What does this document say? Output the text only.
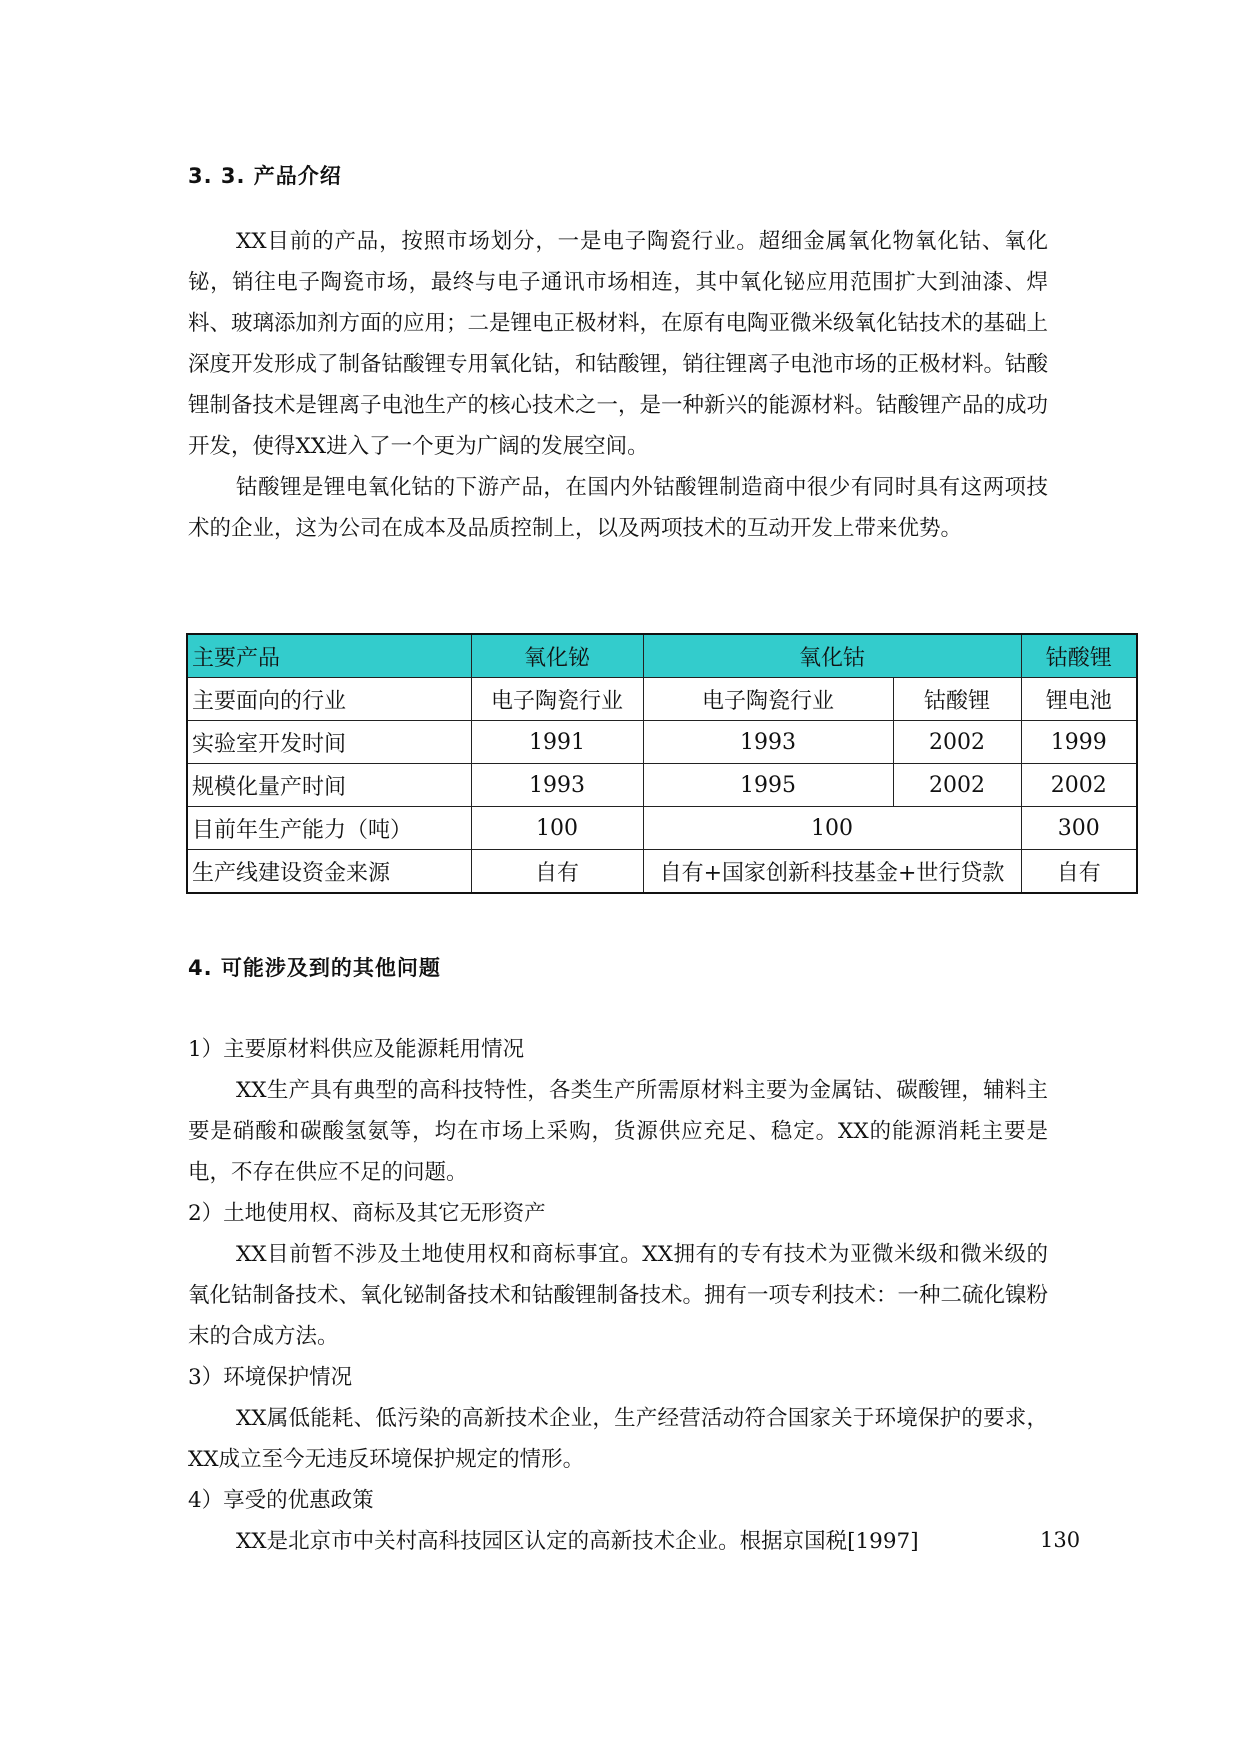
3. 3. 产品介绍

XX目前的产品，按照市场划分，一是电子陶瓷行业。超细金属氧化物氧化钴、氧化铋，销往电子陶瓷市场，最终与电子通讯市场相连，其中氧化铋应用范围扩大到油漆、焊料、玻璃添加剂方面的应用；二是锂电正极材料，在原有电陶亚微米级氧化钴技术的基础上深度开发形成了制备钴酸锂专用氧化钴，和钴酸锂，销往锂离子电池市场的正极材料。钴酸锂制备技术是锂离子电池生产的核心技术之一，是一种新兴的能源材料。钴酸锂产品的成功开发，使得XX进入了一个更为广阔的发展空间。

钴酸锂是锂电氧化钴的下游产品，在国内外钴酸锂制造商中很少有同时具有这两项技术的企业，这为公司在成本及品质控制上，以及两项技术的互动开发上带来优势。

主要产品	氧化铋	氧化钴		钴酸锂
主要面向的行业	电子陶瓷行业	电子陶瓷行业	钴酸锂	锂电池
实验室开发时间	1991	1993	2002	1999
规模化量产时间	1993	1995	2002	2002
目前年生产能力（吨）	100	100		300
生产线建设资金来源	自有	自有+国家创新科技基金+世行贷款		自有
4. 可能涉及到的其他问题

1）主要原材料供应及能源耗用情况

XX生产具有典型的高科技特性，各类生产所需原材料主要为金属钴、碳酸锂，辅料主要是硝酸和碳酸氢氨等，均在市场上采购，货源供应充足、稳定。XX的能源消耗主要是电，不存在供应不足的问题。

2）土地使用权、商标及其它无形资产

XX目前暂不涉及土地使用权和商标事宜。XX拥有的专有技术为亚微米级和微米级的氧化钴制备技术、氧化铋制备技术和钴酸锂制备技术。拥有一项专利技术：一种二硫化镍粉末的合成方法。

3）环境保护情况

XX属低能耗、低污染的高新技术企业，生产经营活动符合国家关于环境保护的要求，XX成立至今无违反环境保护规定的情形。

4）享受的优惠政策

XX是北京市中关村高科技园区认定的高新技术企业。根据京国税[1997]	130
